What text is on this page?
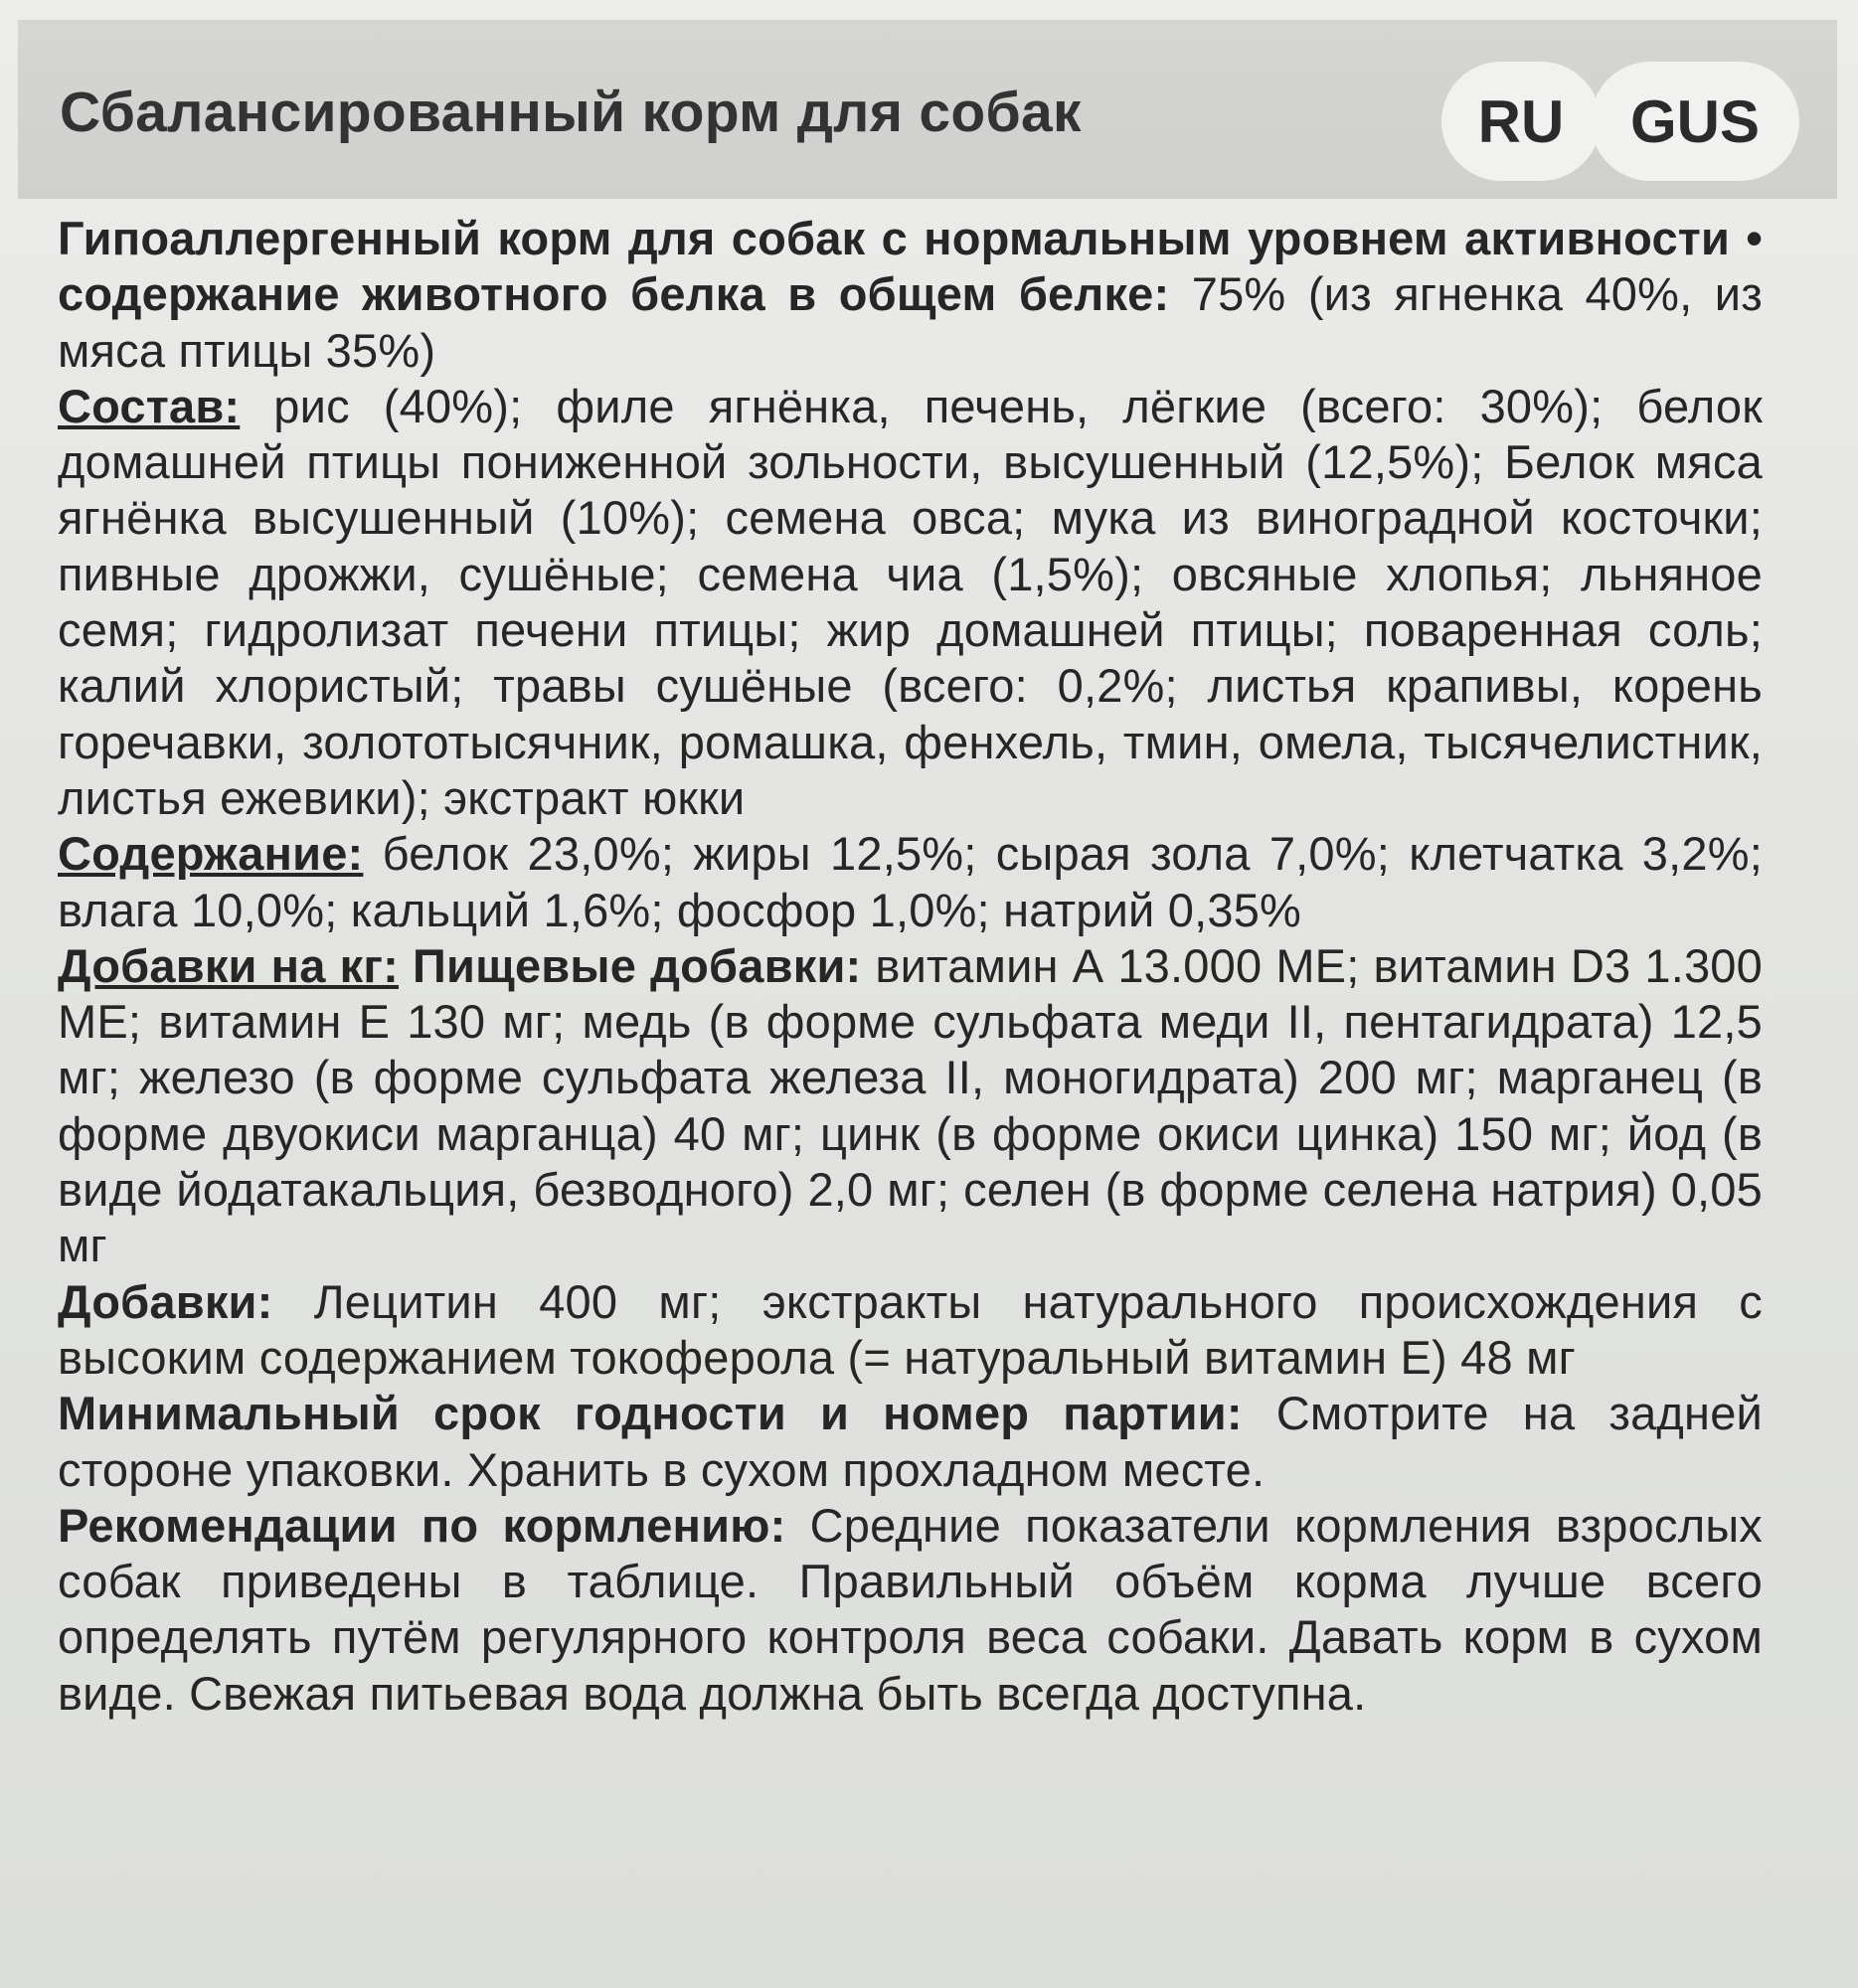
Сбалансированный корм для собак	RU	GUS

Гипоаллергенный корм для собак с нормальным уровнем активности • содержание животного белка в общем белке: 75% (из ягненка 40%, из мяса птицы 35%)

Состав: рис (40%); филе ягнёнка, печень, лёгкие (всего: 30%); белок домашней птицы пониженной зольности, высушенный (12,5%); Белок мяса ягнёнка высушенный (10%); семена овса; мука из виноградной косточки; пивные дрожжи, сушёные; семена чиа (1,5%); овсяные хлопья; льняное семя; гидролизат печени птицы; жир домашней птицы; поваренная соль; калий хлористый; травы сушёные (всего: 0,2%; листья крапивы, корень горечавки, золототысячник, ромашка, фенхель, тмин, омела, тысячелистник, листья ежевики); экстракт юкки

Содержание: белок 23,0%; жиры 12,5%; сырая зола 7,0%; клетчатка 3,2%; влага 10,0%; кальций 1,6%; фосфор 1,0%; натрий 0,35%

Добавки на кг: Пищевые добавки: витамин А 13.000 МЕ; витамин D3 1.300 МЕ; витамин Е 130 мг; медь (в форме сульфата меди II, пентагидрата) 12,5 мг; железо (в форме сульфата железа II, моногидрата) 200 мг; марганец (в форме двуокиси марганца) 40 мг; цинк (в форме окиси цинка) 150 мг; йод (в виде йодатакальция, безводного) 2,0 мг; селен (в форме селена натрия) 0,05 мг

Добавки: Лецитин 400 мг; экстракты натурального происхождения с высоким содержанием токоферола (= натуральный витамин Е) 48 мг

Минимальный срок годности и номер партии: Смотрите на задней стороне упаковки. Хранить в сухом прохладном месте.

Рекомендации по кормлению: Средние показатели кормления взрослых собак приведены в таблице. Правильный объём корма лучше всего определять путём регулярного контроля веса собаки. Давать корм в сухом виде. Свежая питьевая вода должна быть всегда доступна.
